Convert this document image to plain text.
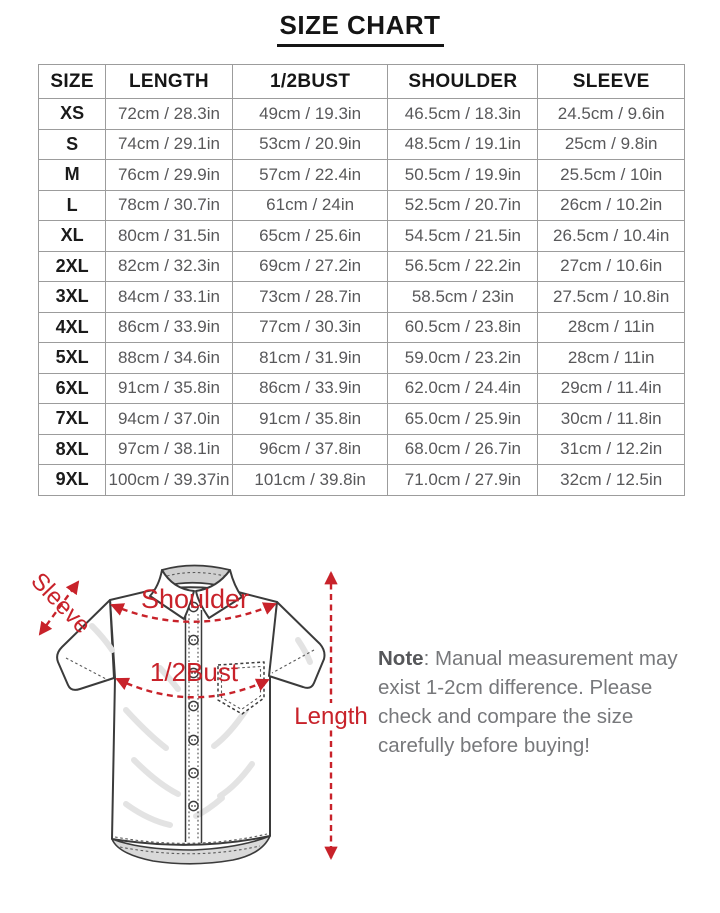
SIZE CHART
SIZE	LENGTH	1/2BUST	SHOULDER	SLEEVE
XS	72cm / 28.3in	49cm / 19.3in	46.5cm / 18.3in	24.5cm / 9.6in
S	74cm / 29.1in	53cm / 20.9in	48.5cm / 19.1in	25cm / 9.8in
M	76cm / 29.9in	57cm / 22.4in	50.5cm / 19.9in	25.5cm / 10in
L	78cm / 30.7in	61cm / 24in	52.5cm / 20.7in	26cm / 10.2in
XL	80cm / 31.5in	65cm / 25.6in	54.5cm / 21.5in	26.5cm / 10.4in
2XL	82cm / 32.3in	69cm / 27.2in	56.5cm / 22.2in	27cm / 10.6in
3XL	84cm / 33.1in	73cm / 28.7in	58.5cm / 23in	27.5cm / 10.8in
4XL	86cm / 33.9in	77cm / 30.3in	60.5cm / 23.8in	28cm / 11in
5XL	88cm / 34.6in	81cm / 31.9in	59.0cm / 23.2in	28cm / 11in
6XL	91cm / 35.8in	86cm / 33.9in	62.0cm / 24.4in	29cm / 11.4in
7XL	94cm / 37.0in	91cm / 35.8in	65.0cm / 25.9in	30cm / 11.8in
8XL	97cm / 38.1in	96cm / 37.8in	68.0cm / 26.7in	31cm / 12.2in
9XL	100cm / 39.37in	101cm / 39.8in	71.0cm / 27.9in	32cm / 12.5in
Sleeve Shoulder
1/2Bust
Length

Note: Manual measurement may exist 1-2cm difference. Please check and compare the size carefully before buying!
